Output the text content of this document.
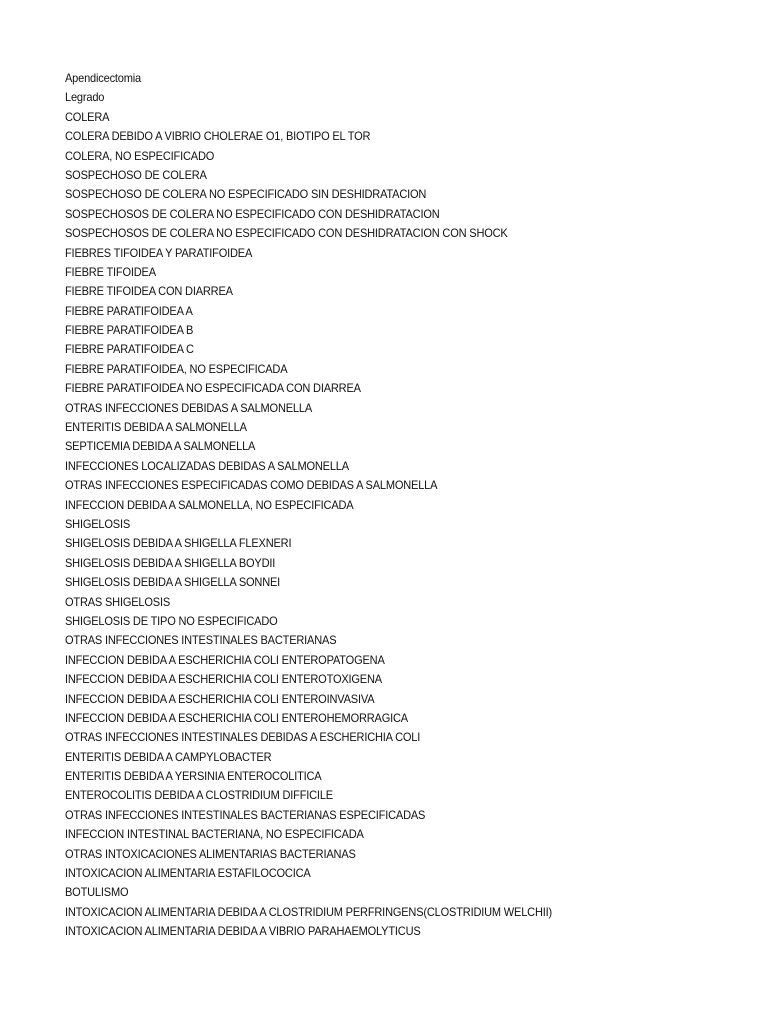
Apendicectomia
Legrado
COLERA
COLERA DEBIDO A VIBRIO CHOLERAE O1, BIOTIPO EL TOR
COLERA, NO ESPECIFICADO
SOSPECHOSO DE COLERA
SOSPECHOSO DE COLERA NO ESPECIFICADO SIN DESHIDRATACION
SOSPECHOSOS DE COLERA NO ESPECIFICADO CON DESHIDRATACION
SOSPECHOSOS DE COLERA NO ESPECIFICADO CON DESHIDRATACION CON SHOCK
FIEBRES TIFOIDEA Y PARATIFOIDEA
FIEBRE TIFOIDEA
FIEBRE TIFOIDEA CON DIARREA
FIEBRE PARATIFOIDEA A
FIEBRE PARATIFOIDEA B
FIEBRE PARATIFOIDEA C
FIEBRE PARATIFOIDEA, NO ESPECIFICADA
FIEBRE PARATIFOIDEA NO ESPECIFICADA CON DIARREA
OTRAS INFECCIONES DEBIDAS A SALMONELLA
ENTERITIS DEBIDA A SALMONELLA
SEPTICEMIA DEBIDA A SALMONELLA
INFECCIONES LOCALIZADAS DEBIDAS A SALMONELLA
OTRAS INFECCIONES ESPECIFICADAS COMO DEBIDAS A SALMONELLA
INFECCION DEBIDA A SALMONELLA, NO ESPECIFICADA
SHIGELOSIS
SHIGELOSIS DEBIDA A SHIGELLA FLEXNERI
SHIGELOSIS DEBIDA A SHIGELLA BOYDII
SHIGELOSIS DEBIDA A SHIGELLA SONNEI
OTRAS SHIGELOSIS
SHIGELOSIS DE TIPO NO ESPECIFICADO
OTRAS INFECCIONES INTESTINALES BACTERIANAS
INFECCION DEBIDA A ESCHERICHIA COLI ENTEROPATOGENA
INFECCION DEBIDA A ESCHERICHIA COLI ENTEROTOXIGENA
INFECCION DEBIDA A ESCHERICHIA COLI ENTEROINVASIVA
INFECCION DEBIDA A ESCHERICHIA COLI ENTEROHEMORRAGICA
OTRAS INFECCIONES INTESTINALES DEBIDAS A ESCHERICHIA COLI
ENTERITIS DEBIDA A CAMPYLOBACTER
ENTERITIS DEBIDA A YERSINIA ENTEROCOLITICA
ENTEROCOLITIS DEBIDA A CLOSTRIDIUM DIFFICILE
OTRAS INFECCIONES INTESTINALES BACTERIANAS ESPECIFICADAS
INFECCION INTESTINAL BACTERIANA, NO ESPECIFICADA
OTRAS INTOXICACIONES ALIMENTARIAS BACTERIANAS
INTOXICACION ALIMENTARIA ESTAFILOCOCICA
BOTULISMO
INTOXICACION ALIMENTARIA DEBIDA A CLOSTRIDIUM PERFRINGENS(CLOSTRIDIUM WELCHII)
INTOXICACION ALIMENTARIA DEBIDA A VIBRIO PARAHAEMOLYTICUS
